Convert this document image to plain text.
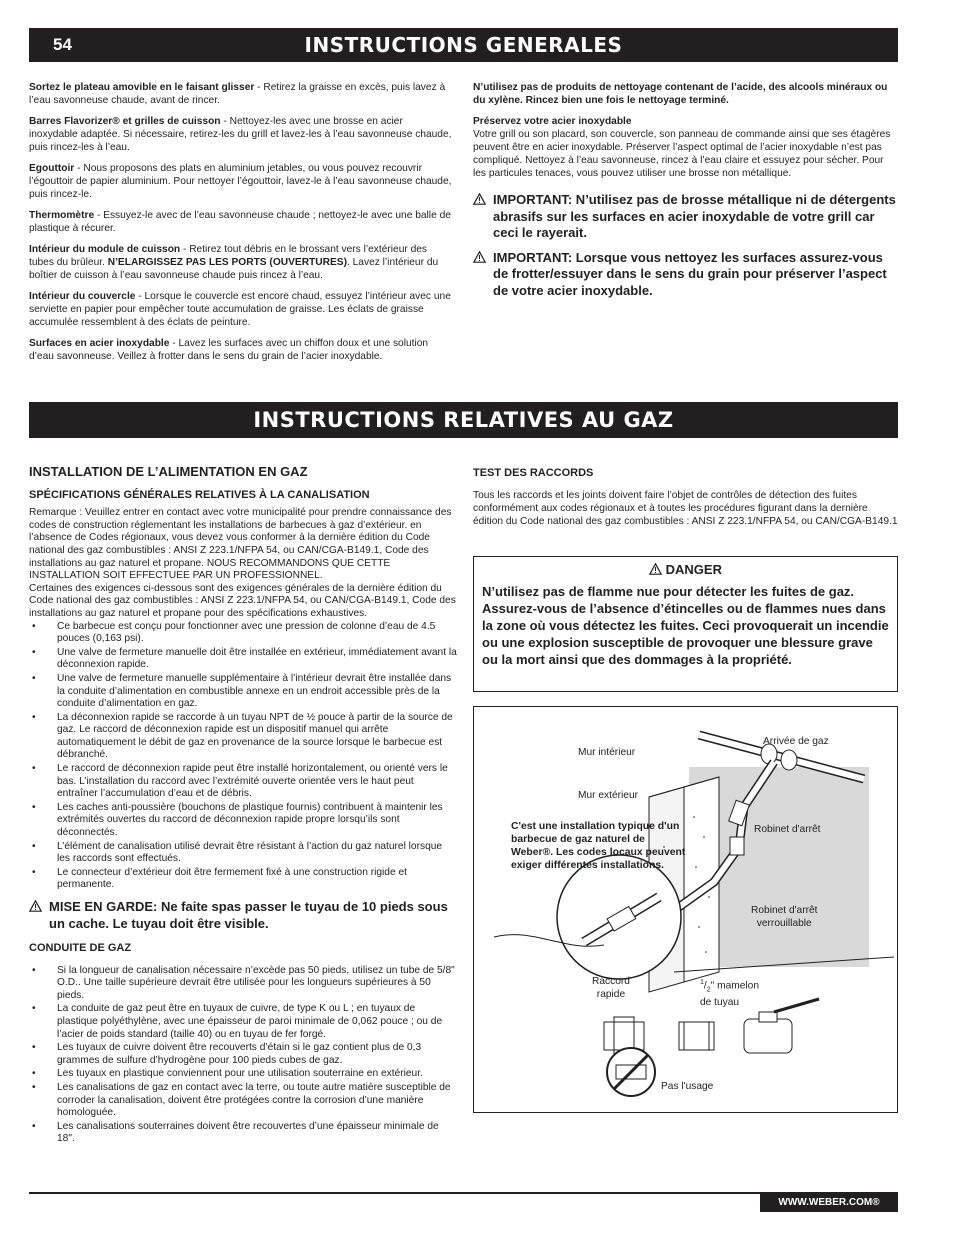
54	INSTRUCTIONS GENERALES

Sortez le plateau amovible en le faisant glisser - Retirez la graisse en excès, puis lavez à l’eau savonneuse chaude, avant de rincer.

Barres Flavorizer® et grilles de cuisson - Nettoyez-les avec une brosse en acier inoxydable adaptée. Si nécessaire, retirez-les du grill et lavez-les à l’eau savonneuse chaude, puis rincez-les à l’eau.

Egouttoir - Nous proposons des plats en aluminium jetables, ou vous pouvez recouvrir l’égouttoir de papier aluminium. Pour nettoyer l’égouttoir, lavez-le à l’eau savonneuse chaude, puis rincez-le.

Thermomètre - Essuyez-le avec de l’eau savonneuse chaude ; nettoyez-le avec une balle de plastique à récurer.

Intérieur du module de cuisson - Retirez tout débris en le brossant vers l’extérieur des tubes du brûleur. N’ELARGISSEZ PAS LES PORTS (OUVERTURES). Lavez l’intérieur du boîtier de cuisson à l’eau savonneuse chaude puis rincez à l’eau.

Intérieur du couvercle - Lorsque le couvercle est encore chaud, essuyez l’intérieur avec une serviette en papier pour empêcher toute accumulation de graisse. Les éclats de graisse accumulée ressemblent à des éclats de peinture.

Surfaces en acier inoxydable - Lavez les surfaces avec un chiffon doux et une solution d’eau savonneuse. Veillez à frotter dans le sens du grain de l’acier inoxydable.

N’utilisez pas de produits de nettoyage contenant de l’acide, des alcools minéraux ou du xylène. Rincez bien une fois le nettoyage terminé.

Préservez votre acier inoxydable
Votre grill ou son placard, son couvercle, son panneau de commande ainsi que ses étagères peuvent être en acier inoxydable. Préserver l’aspect optimal de l’acier inoxydable n’est pas compliqué. Nettoyez à l’eau savonneuse, rincez à l’eau claire et essuyez pour sécher. Pour les particules tenaces, vous pouvez utiliser une brosse non métallique.

IMPORTANT: N’utilisez pas de brosse métallique ni de détergents abrasifs sur les surfaces en acier inoxydable de votre grill car ceci le rayerait.
IMPORTANT: Lorsque vous nettoyez les surfaces assurez-vous de frotter/essuyer dans le sens du grain pour préserver l’aspect de votre acier inoxydable.
INSTRUCTIONS RELATIVES AU GAZ
INSTALLATION DE L’ALIMENTATION EN GAZ
SPÉCIFICATIONS GÉNÉRALES RELATIVES À LA CANALISATION
Remarque : Veuillez entrer en contact avec votre municipalité pour prendre connaissance des codes de construction réglementant les installations de barbecues à gaz d’extérieur. en l’absence de Codes régionaux, vous devez vous conformer à la dernière édition du Code national des gaz combustibles : ANSI Z 223.1/NFPA 54, ou CAN/CGA-B149.1, Code des installations au gaz naturel et propane. NOUS RECOMMANDONS QUE CETTE INSTALLATION SOIT EFFECTUEE PAR UN PROFESSIONNEL.
Certaines des exigences ci-dessous sont des exigences générales de la dernière édition du Code national des gaz combustibles : ANSI Z 223.1/NFPA 54, ou CAN/CGA-B149.1, Code des installations au gaz naturel et propane pour des spécifications exhaustives.
• Ce barbecue est conçu pour fonctionner avec une pression de colonne d’eau de 4.5 pouces (0,163 psi).
• Une valve de fermeture manuelle doit être installée en extérieur, immédiatement avant la déconnexion rapide.
• Une valve de fermeture manuelle supplémentaire à l’intérieur devrait être installée dans la conduite d’alimentation en combustible annexe en un endroit accessible près de la conduite d’alimentation en gaz.
• La déconnexion rapide se raccorde à un tuyau NPT de ½ pouce à partir de la source de gaz. Le raccord de déconnexion rapide est un dispositif manuel qui arrête automatiquement le débit de gaz en provenance de la source lorsque le barbecue est débranché.
• Le raccord de déconnexion rapide peut être installé horizontalement, ou orienté vers le bas. L’installation du raccord avec l’extrémité ouverte orientée vers le haut peut entraîner l’accumulation d’eau et de débris.
• Les caches anti-poussière (bouchons de plastique fournis) contribuent à maintenir les extrémités ouvertes du raccord de déconnexion rapide propre lorsqu’ils sont déconnectés.
• L’élément de canalisation utilisé devrait être résistant à l’action du gaz naturel lorsque les raccords sont effectués.
• Le connecteur d’extérieur doit être fermement fixé à une construction rigide et permanente.
MISE EN GARDE: Ne faite spas passer le tuyau de 10 pieds sous un cache. Le tuyau doit être visible.
CONDUITE DE GAZ
• Si la longueur de canalisation nécessaire n’excède pas 50 pieds, utilisez un tube de 5/8" O.D.. Une taille supérieure devrait être utilisée pour les longueurs supérieures à 50 pieds.
• La conduite de gaz peut être en tuyaux de cuivre, de type K ou L ; en tuyaux de plastique polyéthylène, avec une épaisseur de paroi minimale de 0,062 pouce ; ou de l’acier de poids standard (taille 40) ou en tuyau de fer forgé.
• Les tuyaux de cuivre doivent être recouverts d’étain si le gaz contient plus de 0,3 grammes de sulfure d’hydrogène pour 100 pieds cubes de gaz.
• Les tuyaux en plastique conviennent pour une utilisation souterraine en extérieur.
• Les canalisations de gaz en contact avec la terre, ou toute autre matière susceptible de corroder la canalisation, doivent être protégées contre la corrosion d’une manière homologuée.
• Les canalisations souterraines doivent être recouvertes d’une épaisseur minimale de 18".
TEST DES RACCORDS
Tous les raccords et les joints doivent faire l’objet de contrôles de détection des fuites conformément aux codes régionaux et à toutes les procédures figurant dans la dernière édition du Code national des gaz combustibles : ANSI Z 223.1/NFPA 54, ou CAN/CGA-B149.1
DANGER
N’utilisez pas de flamme nue pour détecter les fuites de gaz. Assurez-vous de l’absence d’étincelles ou de flammes nues dans la zone où vous détectez les fuites. Ceci provoquerait un incendie ou une explosion susceptible de provoquer une blessure grave ou la mort ainsi que des dommages à la propriété.
Mur intérieur
Arrivée de gaz
Mur extérieur
Robinet d'arrêt
Robinet d'arrêt
verrouillable
C'est une installation typique d'un barbecue de gaz naturel de Weber®. Les codes locaux peuvent exiger différentes installations.
Raccord
rapide
$^1/_2$" mamelon
de tuyau
Pas l'usage
WWW.WEBER.COM®
